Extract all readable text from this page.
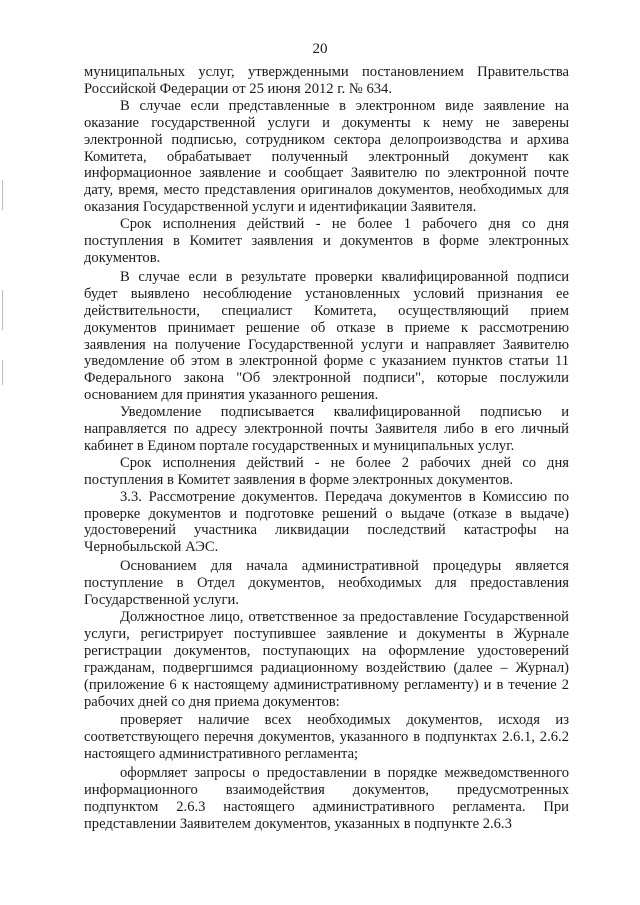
20

муниципальных услуг, утвержденными постановлением Правительства Российской Федерации от 25 июня 2012 г. № 634.

В случае если представленные в электронном виде заявление на оказание государственной услуги и документы к нему не заверены электронной подписью, сотрудником сектора делопроизводства и архива Комитета, обрабатывает полученный электронный документ как информационное заявление и сообщает Заявителю по электронной почте дату, время, место представления оригиналов документов, необходимых для оказания Государственной услуги и идентификации Заявителя.

Срок исполнения действий - не более 1 рабочего дня со дня поступления в Комитет заявления и документов в форме электронных документов.

В случае если в результате проверки квалифицированной подписи будет выявлено несоблюдение установленных условий признания ее действительности, специалист Комитета, осуществляющий прием документов принимает решение об отказе в приеме к рассмотрению заявления на получение Государственной услуги и направляет Заявителю уведомление об этом в электронной форме с указанием пунктов статьи 11 Федерального закона "Об электронной подписи", которые послужили основанием для принятия указанного решения.

Уведомление подписывается квалифицированной подписью и направляется по адресу электронной почты Заявителя либо в его личный кабинет в Едином портале государственных и муниципальных услуг.

Срок исполнения действий - не более 2 рабочих дней со дня поступления в Комитет заявления в форме электронных документов.

3.3. Рассмотрение документов. Передача документов в Комиссию по проверке документов и подготовке решений о выдаче (отказе в выдаче) удостоверений участника ликвидации последствий катастрофы на Чернобыльской АЭС.

Основанием для начала административной процедуры является поступление в Отдел документов, необходимых для предоставления Государственной услуги.

Должностное лицо, ответственное за предоставление Государственной услуги, регистрирует поступившее заявление и документы в Журнале регистрации документов, поступающих на оформление удостоверений гражданам, подвергшимся радиационному воздействию (далее – Журнал) (приложение 6 к настоящему административному регламенту) и в течение 2 рабочих дней со дня приема документов:

проверяет наличие всех необходимых документов, исходя из соответствующего перечня документов, указанного в подпунктах 2.6.1, 2.6.2 настоящего административного регламента;

оформляет запросы о предоставлении в порядке межведомственного информационного взаимодействия документов, предусмотренных подпунктом 2.6.3 настоящего административного регламента. При представлении Заявителем документов, указанных в подпункте 2.6.3
